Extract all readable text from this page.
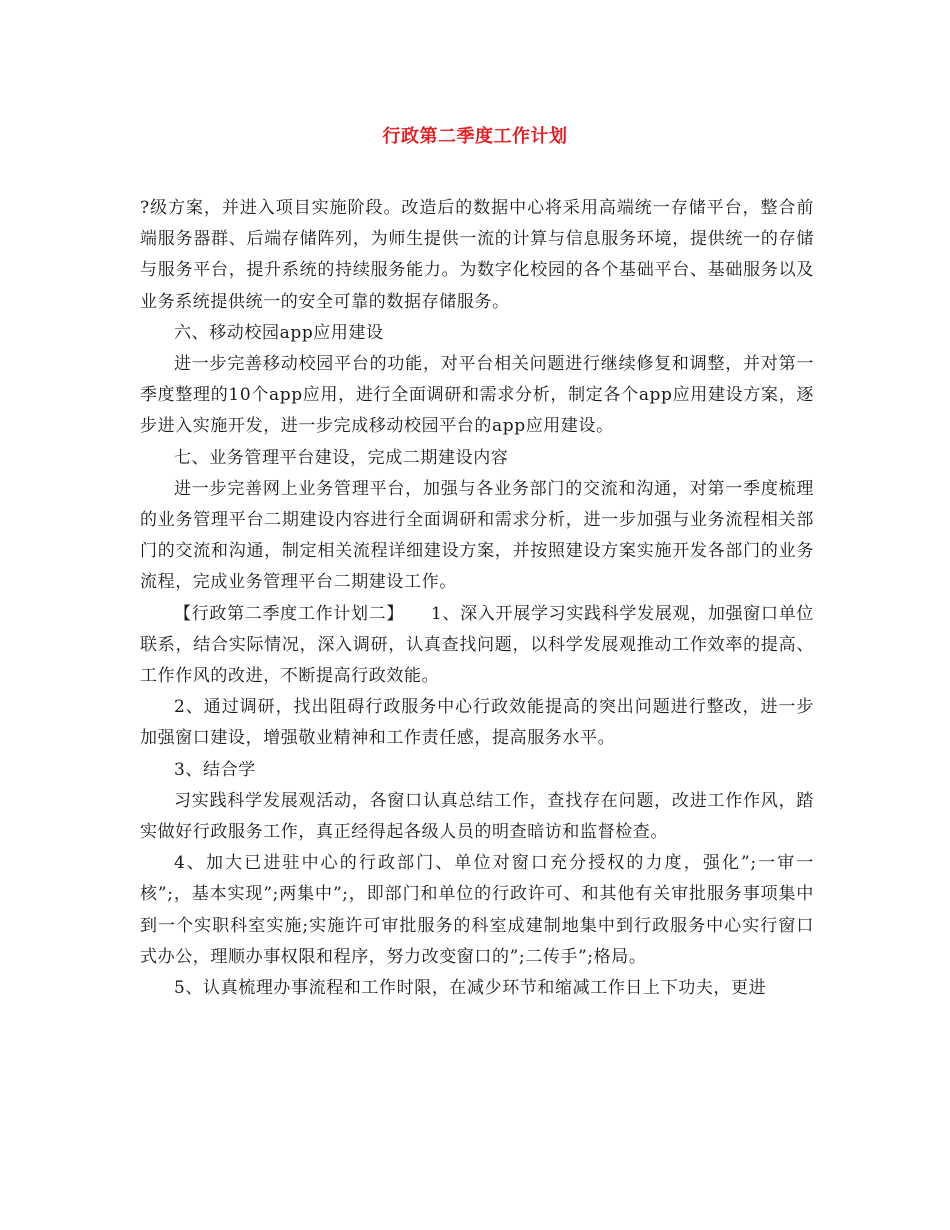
行政第二季度工作计划

?级方案，并进入项目实施阶段。改造后的数据中心将采用高端统一存储平台，整合前端服务器群、后端存储阵列，为师生提供一流的计算与信息服务环境，提供统一的存储与服务平台，提升系统的持续服务能力。为数字化校园的各个基础平台、基础服务以及业务系统提供统一的安全可靠的数据存储服务。

六、移动校园app应用建设

进一步完善移动校园平台的功能，对平台相关问题进行继续修复和调整，并对第一季度整理的10个app应用，进行全面调研和需求分析，制定各个app应用建设方案，逐步进入实施开发，进一步完成移动校园平台的app应用建设。

七、业务管理平台建设，完成二期建设内容

进一步完善网上业务管理平台，加强与各业务部门的交流和沟通，对第一季度梳理的业务管理平台二期建设内容进行全面调研和需求分析，进一步加强与业务流程相关部门的交流和沟通，制定相关流程详细建设方案，并按照建设方案实施开发各部门的业务流程，完成业务管理平台二期建设工作。

【行政第二季度工作计划二】　　1、深入开展学习实践科学发展观，加强窗口单位联系，结合实际情况，深入调研，认真查找问题，以科学发展观推动工作效率的提高、工作作风的改进，不断提高行政效能。

2、通过调研，找出阻碍行政服务中心行政效能提高的突出问题进行整改，进一步加强窗口建设，增强敬业精神和工作责任感，提高服务水平。

3、结合学

习实践科学发展观活动，各窗口认真总结工作，查找存在问题，改进工作作风，踏实做好行政服务工作，真正经得起各级人员的明查暗访和监督检查。

4、加大已进驻中心的行政部门、单位对窗口充分授权的力度，强化”;一审一核”;，基本实现”;两集中”;，即部门和单位的行政许可、和其他有关审批服务事项集中到一个实职科室实施;实施许可审批服务的科室成建制地集中到行政服务中心实行窗口式办公，理顺办事权限和程序，努力改变窗口的”;二传手”;格局。

5、认真梳理办事流程和工作时限，在减少环节和缩减工作日上下功夫，更进
